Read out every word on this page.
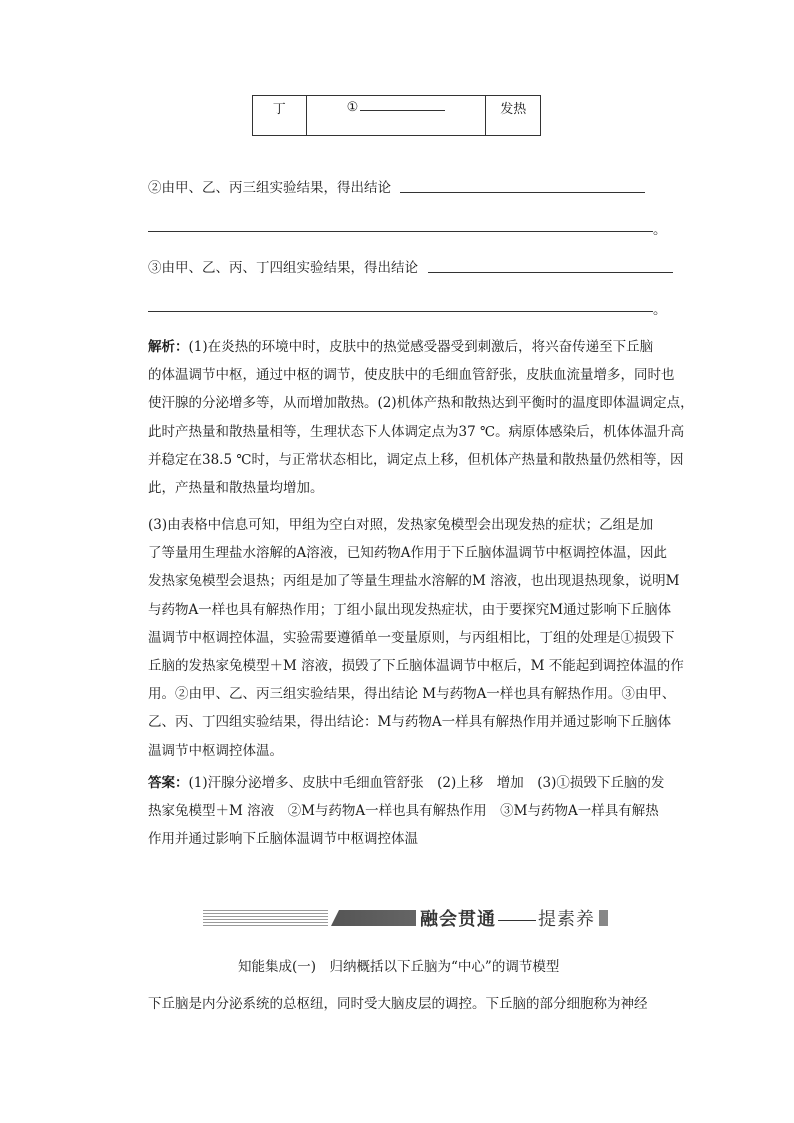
丁	①	发热
②由甲、乙、丙三组实验结果，得出结论
。
③由甲、乙、丙、丁四组实验结果，得出结论
。
解析：(1)在炎热的环境中时，皮肤中的热觉感受器受到刺激后，将兴奋传递至下丘脑
的体温调节中枢，通过中枢的调节，使皮肤中的毛细血管舒张，皮肤血流量增多，同时也
使汗腺的分泌增多等，从而增加散热。(2)机体产热和散热达到平衡时的温度即体温调定点，
此时产热量和散热量相等，生理状态下人体调定点为37 ℃。病原体感染后，机体体温升高
并稳定在38.5 ℃时，与正常状态相比，调定点上移，但机体产热量和散热量仍然相等，因
此，产热量和散热量均增加。
(3)由表格中信息可知，甲组为空白对照，发热家兔模型会出现发热的症状；乙组是加
了等量用生理盐水溶解的A溶液，已知药物A作用于下丘脑体温调节中枢调控体温，因此
发热家兔模型会退热；丙组是加了等量生理盐水溶解的M 溶液，也出现退热现象，说明M
与药物A一样也具有解热作用；丁组小鼠出现发热症状，由于要探究M通过影响下丘脑体
温调节中枢调控体温，实验需要遵循单一变量原则，与丙组相比，丁组的处理是①损毁下
丘脑的发热家兔模型＋M 溶液，损毁了下丘脑体温调节中枢后，M 不能起到调控体温的作
用。②由甲、乙、丙三组实验结果，得出结论 M与药物A一样也具有解热作用。③由甲、
乙、丙、丁四组实验结果，得出结论：M与药物A一样具有解热作用并通过影响下丘脑体
温调节中枢调控体温。
答案：(1)汗腺分泌增多、皮肤中毛细血管舒张　(2)上移　增加　(3)①损毁下丘脑的发
热家兔模型＋M 溶液　②M与药物A一样也具有解热作用　③M与药物A一样具有解热
作用并通过影响下丘脑体温调节中枢调控体温
融会贯通 提素养
知能集成(一)　归纳概括以下丘脑为“中心”的调节模型
下丘脑是内分泌系统的总枢纽，同时受大脑皮层的调控。下丘脑的部分细胞称为神经
